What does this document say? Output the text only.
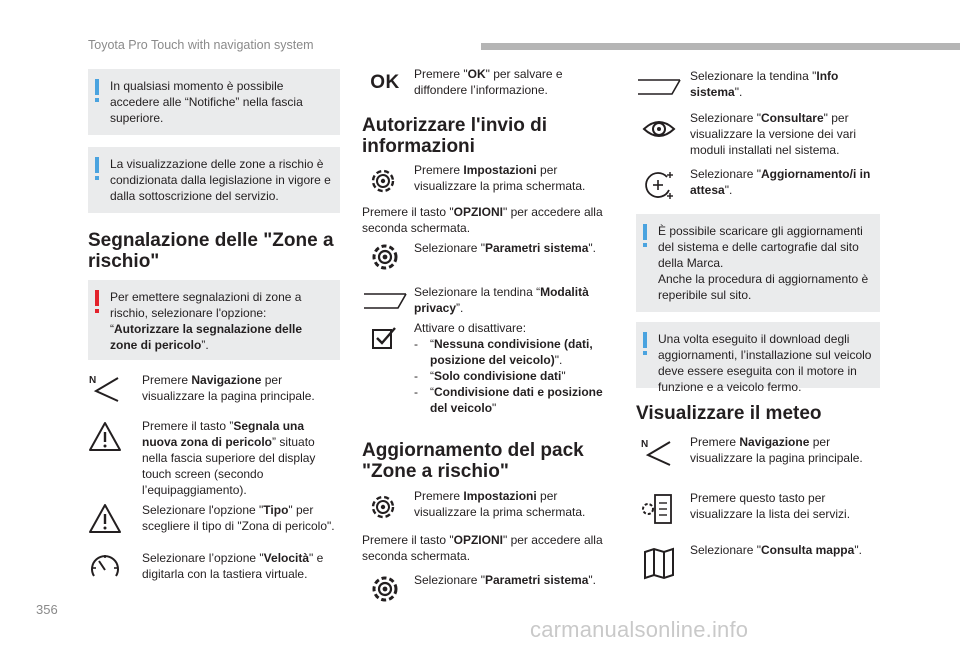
Toyota Pro Touch with navigation system

In qualsiasi momento è possibile accedere alle “Notifiche” nella fascia superiore.

La visualizzazione delle zone a rischio è condizionata dalla legislazione in vigore e dalla sottoscrizione del servizio.

Segnalazione delle "Zone a rischio"

Per emettere segnalazioni di zone a rischio, selezionare l'opzione: “Autorizzare la segnalazione delle zone di pericolo”.

N	Premere Navigazione per visualizzare la pagina principale.
Premere il tasto ”Segnala una nuova zona di pericolo” situato nella fascia superiore del display touch screen (secondo l’equipaggiamento).
Selezionare l'opzione "Tipo" per scegliere il tipo di "Zona di pericolo".
Selezionare l’opzione "Velocità" e digitarla con la tastiera virtuale.
OK Premere "OK" per salvare e diffondere l’informazione.
Autorizzare l'invio di informazioni
Premere Impostazioni per visualizzare la prima schermata.
Premere il tasto "OPZIONI" per accedere alla seconda schermata.
Selezionare "Parametri sistema".
Selezionare la tendina “Modalità privacy”.
Attivare o disattivare:
-	“Nessuna condivisione (dati, posizione del veicolo)".
-	“Solo condivisione dati"
-	“Condivisione dati e posizione del veicolo"
Aggiornamento del pack "Zone a rischio"
Premere Impostazioni per visualizzare la prima schermata.
Premere il tasto "OPZIONI" per accedere alla seconda schermata.
Selezionare "Parametri sistema".
Selezionare la tendina "Info sistema".
Selezionare "Consultare" per visualizzare la versione dei vari moduli installati nel sistema.
Selezionare "Aggiornamento/i in attesa".

È possibile scaricare gli aggiornamenti del sistema e delle cartografie dal sito della Marca.

Anche la procedura di aggiornamento è reperibile sul sito.

Una volta eseguito il download degli aggiornamenti, l’installazione sul veicolo deve essere eseguita con il motore in funzione e a veicolo fermo.

Visualizzare il meteo
N	Premere Navigazione per visualizzare la pagina principale.
Premere questo tasto per visualizzare la lista dei servizi.
Selezionare "Consulta mappa".
356
carmanualsonline.info
